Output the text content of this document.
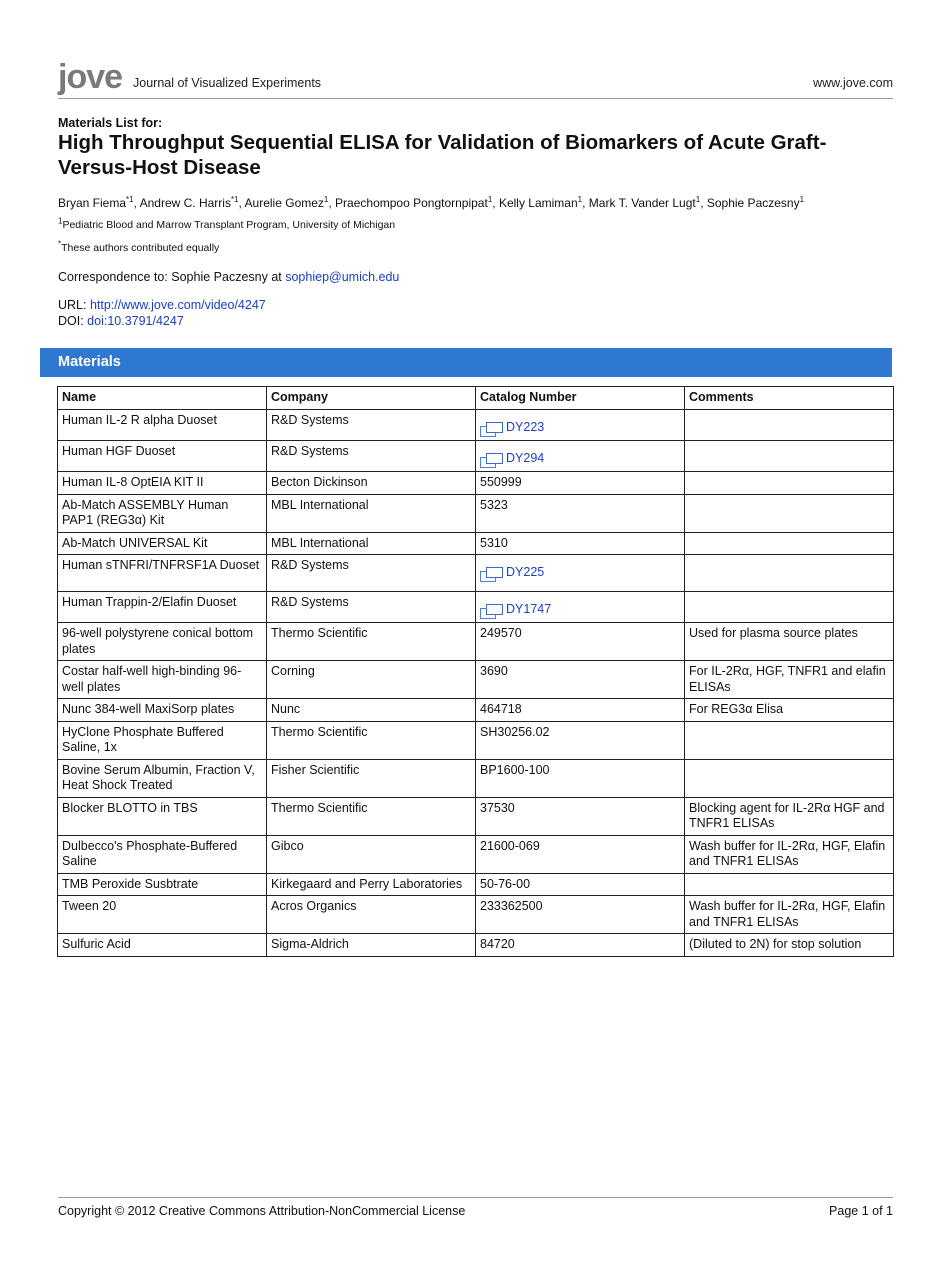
jove Journal of Visualized Experiments	www.jove.com
Materials List for:
High Throughput Sequential ELISA for Validation of Biomarkers of Acute Graft-Versus-Host Disease
Bryan Fiema$^{*1}$, Andrew C. Harris$^{*1}$, Aurelie Gomez$^1$, Praechompoo Pongtornpipat$^1$, Kelly Lamiman$^1$, Mark T. Vander Lugt$^1$, Sophie Paczesny$^1$
$^1$Pediatric Blood and Marrow Transplant Program, University of Michigan
*These authors contributed equally
Correspondence to: Sophie Paczesny at sophiep@umich.edu
URL: http://www.jove.com/video/4247
DOI: doi:10.3791/4247
Materials
Name	Company	Catalog Number	Comments
Human IL-2 R alpha Duoset	R&D Systems	DY223	
Human HGF Duoset	R&D Systems	DY294	
Human IL-8 OptEIA KIT II	Becton Dickinson	550999	
Ab-Match ASSEMBLY Human PAP1 (REG3α) Kit	MBL International	5323	
Ab-Match UNIVERSAL Kit	MBL International	5310	
Human sTNFRI/TNFRSF1A Duoset	R&D Systems	DY225	
Human Trappin-2/Elafin Duoset	R&D Systems	DY1747	
96-well polystyrene conical bottom plates	Thermo Scientific	249570	Used for plasma source plates
Costar half-well high-binding 96-well plates	Corning	3690	For IL-2Rα, HGF, TNFR1 and elafin ELISAs
Nunc 384-well MaxiSorp plates	Nunc	464718	For REG3α Elisa
HyClone Phosphate Buffered Saline, 1x	Thermo Scientific	SH30256.02	
Bovine Serum Albumin, Fraction V, Heat Shock Treated	Fisher Scientific	BP1600-100	
Blocker BLOTTO in TBS	Thermo Scientific	37530	Blocking agent for IL-2Rα HGF and TNFR1 ELISAs
Dulbecco's Phosphate-Buffered Saline	Gibco	21600-069	Wash buffer for IL-2Rα, HGF, Elafin and TNFR1 ELISAs
TMB Peroxide Susbtrate	Kirkegaard and Perry Laboratories	50-76-00	
Tween 20	Acros Organics	233362500	Wash buffer for IL-2Rα, HGF, Elafin and TNFR1 ELISAs
Sulfuric Acid	Sigma-Aldrich	84720	(Diluted to 2N) for stop solution
Copyright © 2012 Creative Commons Attribution-NonCommercial License	Page 1 of 1
